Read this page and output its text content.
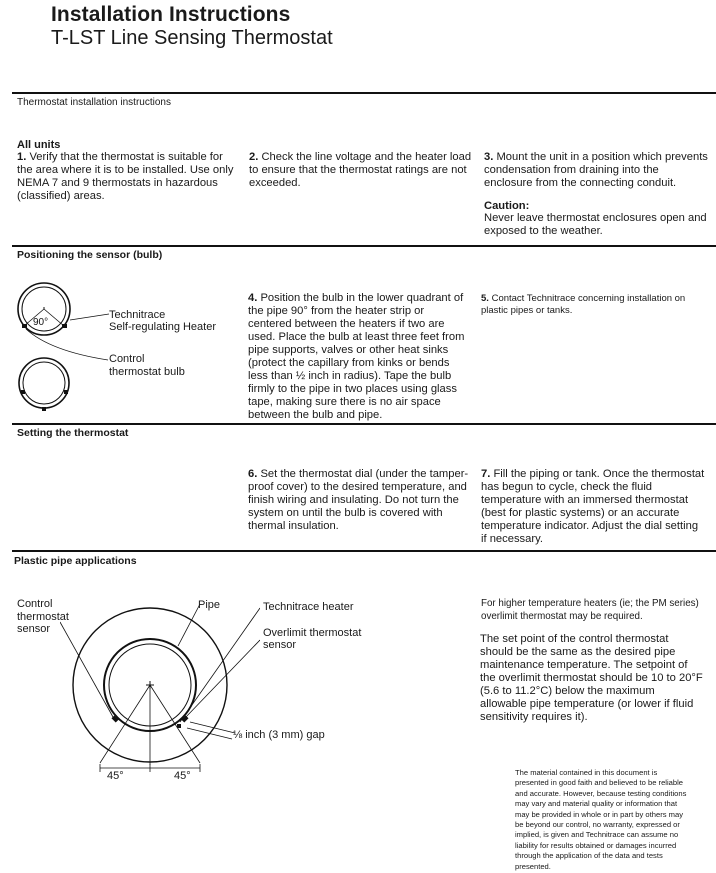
Installation Instructions
T-LST Line Sensing Thermostat
Thermostat installation instructions
All units
1. Verify that the thermostat is suitable for the area where it is to be installed. Use only NEMA 7 and 9 thermostats in hazardous (classified) areas.
2. Check the line voltage and the heater load to ensure that the thermostat ratings are not exceeded.
3. Mount the unit in a position which prevents condensation from draining into the enclosure from the connecting conduit.
Caution:
Never leave thermostat enclosures open and exposed to the weather.
Positioning the sensor (bulb)
90°
Technitrace
Self-regulating Heater
Control
thermostat bulb
4. Position the bulb in the lower quadrant of the pipe 90° from the heater strip or centered between the heaters if two are used. Place the bulb at least three feet from pipe supports, valves or other heat sinks (protect the capillary from kinks or bends less than ½ inch in radius). Tape the bulb firmly to the pipe in two places using glass tape, making sure there is no air space between the bulb and pipe.
5. Contact Technitrace concerning installation on plastic pipes or tanks.
Setting the thermostat
6. Set the thermostat dial (under the tamper-proof cover) to the desired temperature, and finish wiring and insulating. Do not turn the system on until the bulb is covered with thermal insulation.
7. Fill the piping or tank. Once the thermostat has begun to cycle, check the fluid temperature with an immersed thermostat (best for plastic systems) or an accurate temperature indicator. Adjust the dial setting if necessary.
Plastic pipe applications
Control
thermostat
sensor
Pipe	Technitrace heater
Overlimit thermostat
sensor
⅛ inch (3 mm) gap
45°	45°
For higher temperature heaters (ie; the PM series) overlimit thermostat may be required.
The set point of the control thermostat should be the same as the desired pipe maintenance temperature. The setpoint of the overlimit thermostat should be 10 to 20°F (5.6 to 11.2°C) below the maximum allowable pipe temperature (or lower if fluid sensitivity requires it).
The material contained in this document is presented in good faith and believed to be reliable and accurate. However, because testing conditions may vary and material quality or information that may be provided in whole or in part by others may be beyond our control, no warranty, expressed or implied, is given and Technitrace can assume no liability for results obtained or damages incurred through the application of the data and tests presented.
